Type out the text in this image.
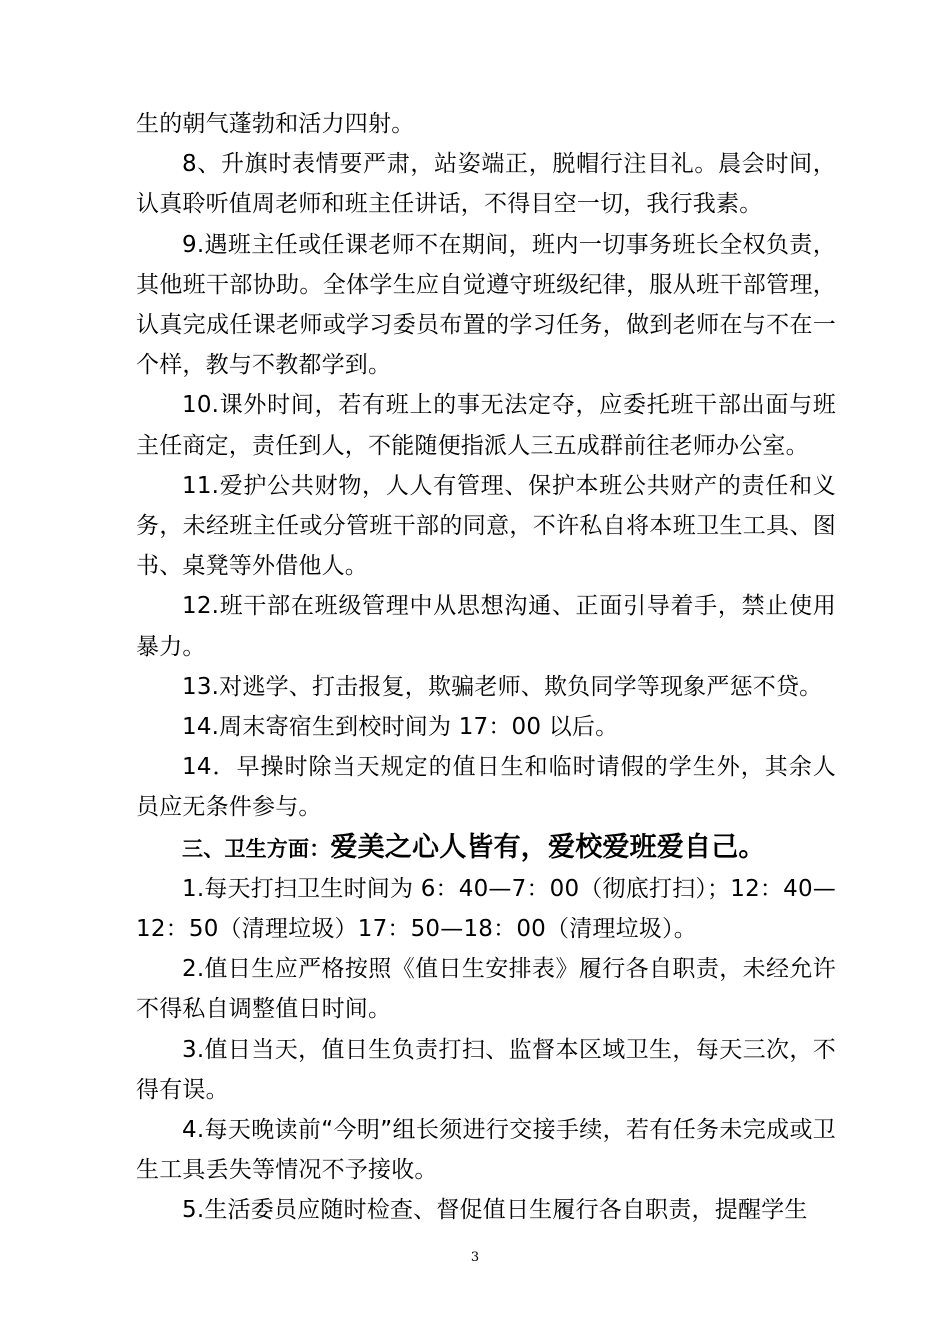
生的朝气蓬勃和活力四射。

8、升旗时表情要严肃，站姿端正，脱帽行注目礼。晨会时间，认真聆听值周老师和班主任讲话，不得目空一切，我行我素。

9.遇班主任或任课老师不在期间，班内一切事务班长全权负责，其他班干部协助。全体学生应自觉遵守班级纪律，服从班干部管理，认真完成任课老师或学习委员布置的学习任务，做到老师在与不在一个样，教与不教都学到。

10.课外时间，若有班上的事无法定夺，应委托班干部出面与班主任商定，责任到人，不能随便指派人三五成群前往老师办公室。

11.爱护公共财物，人人有管理、保护本班公共财产的责任和义务，未经班主任或分管班干部的同意，不许私自将本班卫生工具、图书、桌凳等外借他人。

12.班干部在班级管理中从思想沟通、正面引导着手，禁止使用暴力。

13.对逃学、打击报复，欺骗老师、欺负同学等现象严惩不贷。

14.周末寄宿生到校时间为 17：00 以后。

14．早操时除当天规定的值日生和临时请假的学生外，其余人员应无条件参与。

三、卫生方面：爱美之心人皆有，爱校爱班爱自己。

1.每天打扫卫生时间为 6：40—7：00（彻底打扫）；12：40—12：50（清理垃圾）17：50—18：00（清理垃圾）。

2.值日生应严格按照《值日生安排表》履行各自职责，未经允许不得私自调整值日时间。

3.值日当天，值日生负责打扫、监督本区域卫生，每天三次，不得有误。

4.每天晚读前“今明”组长须进行交接手续，若有任务未完成或卫生工具丢失等情况不予接收。

5.生活委员应随时检查、督促值日生履行各自职责，提醒学生

3
